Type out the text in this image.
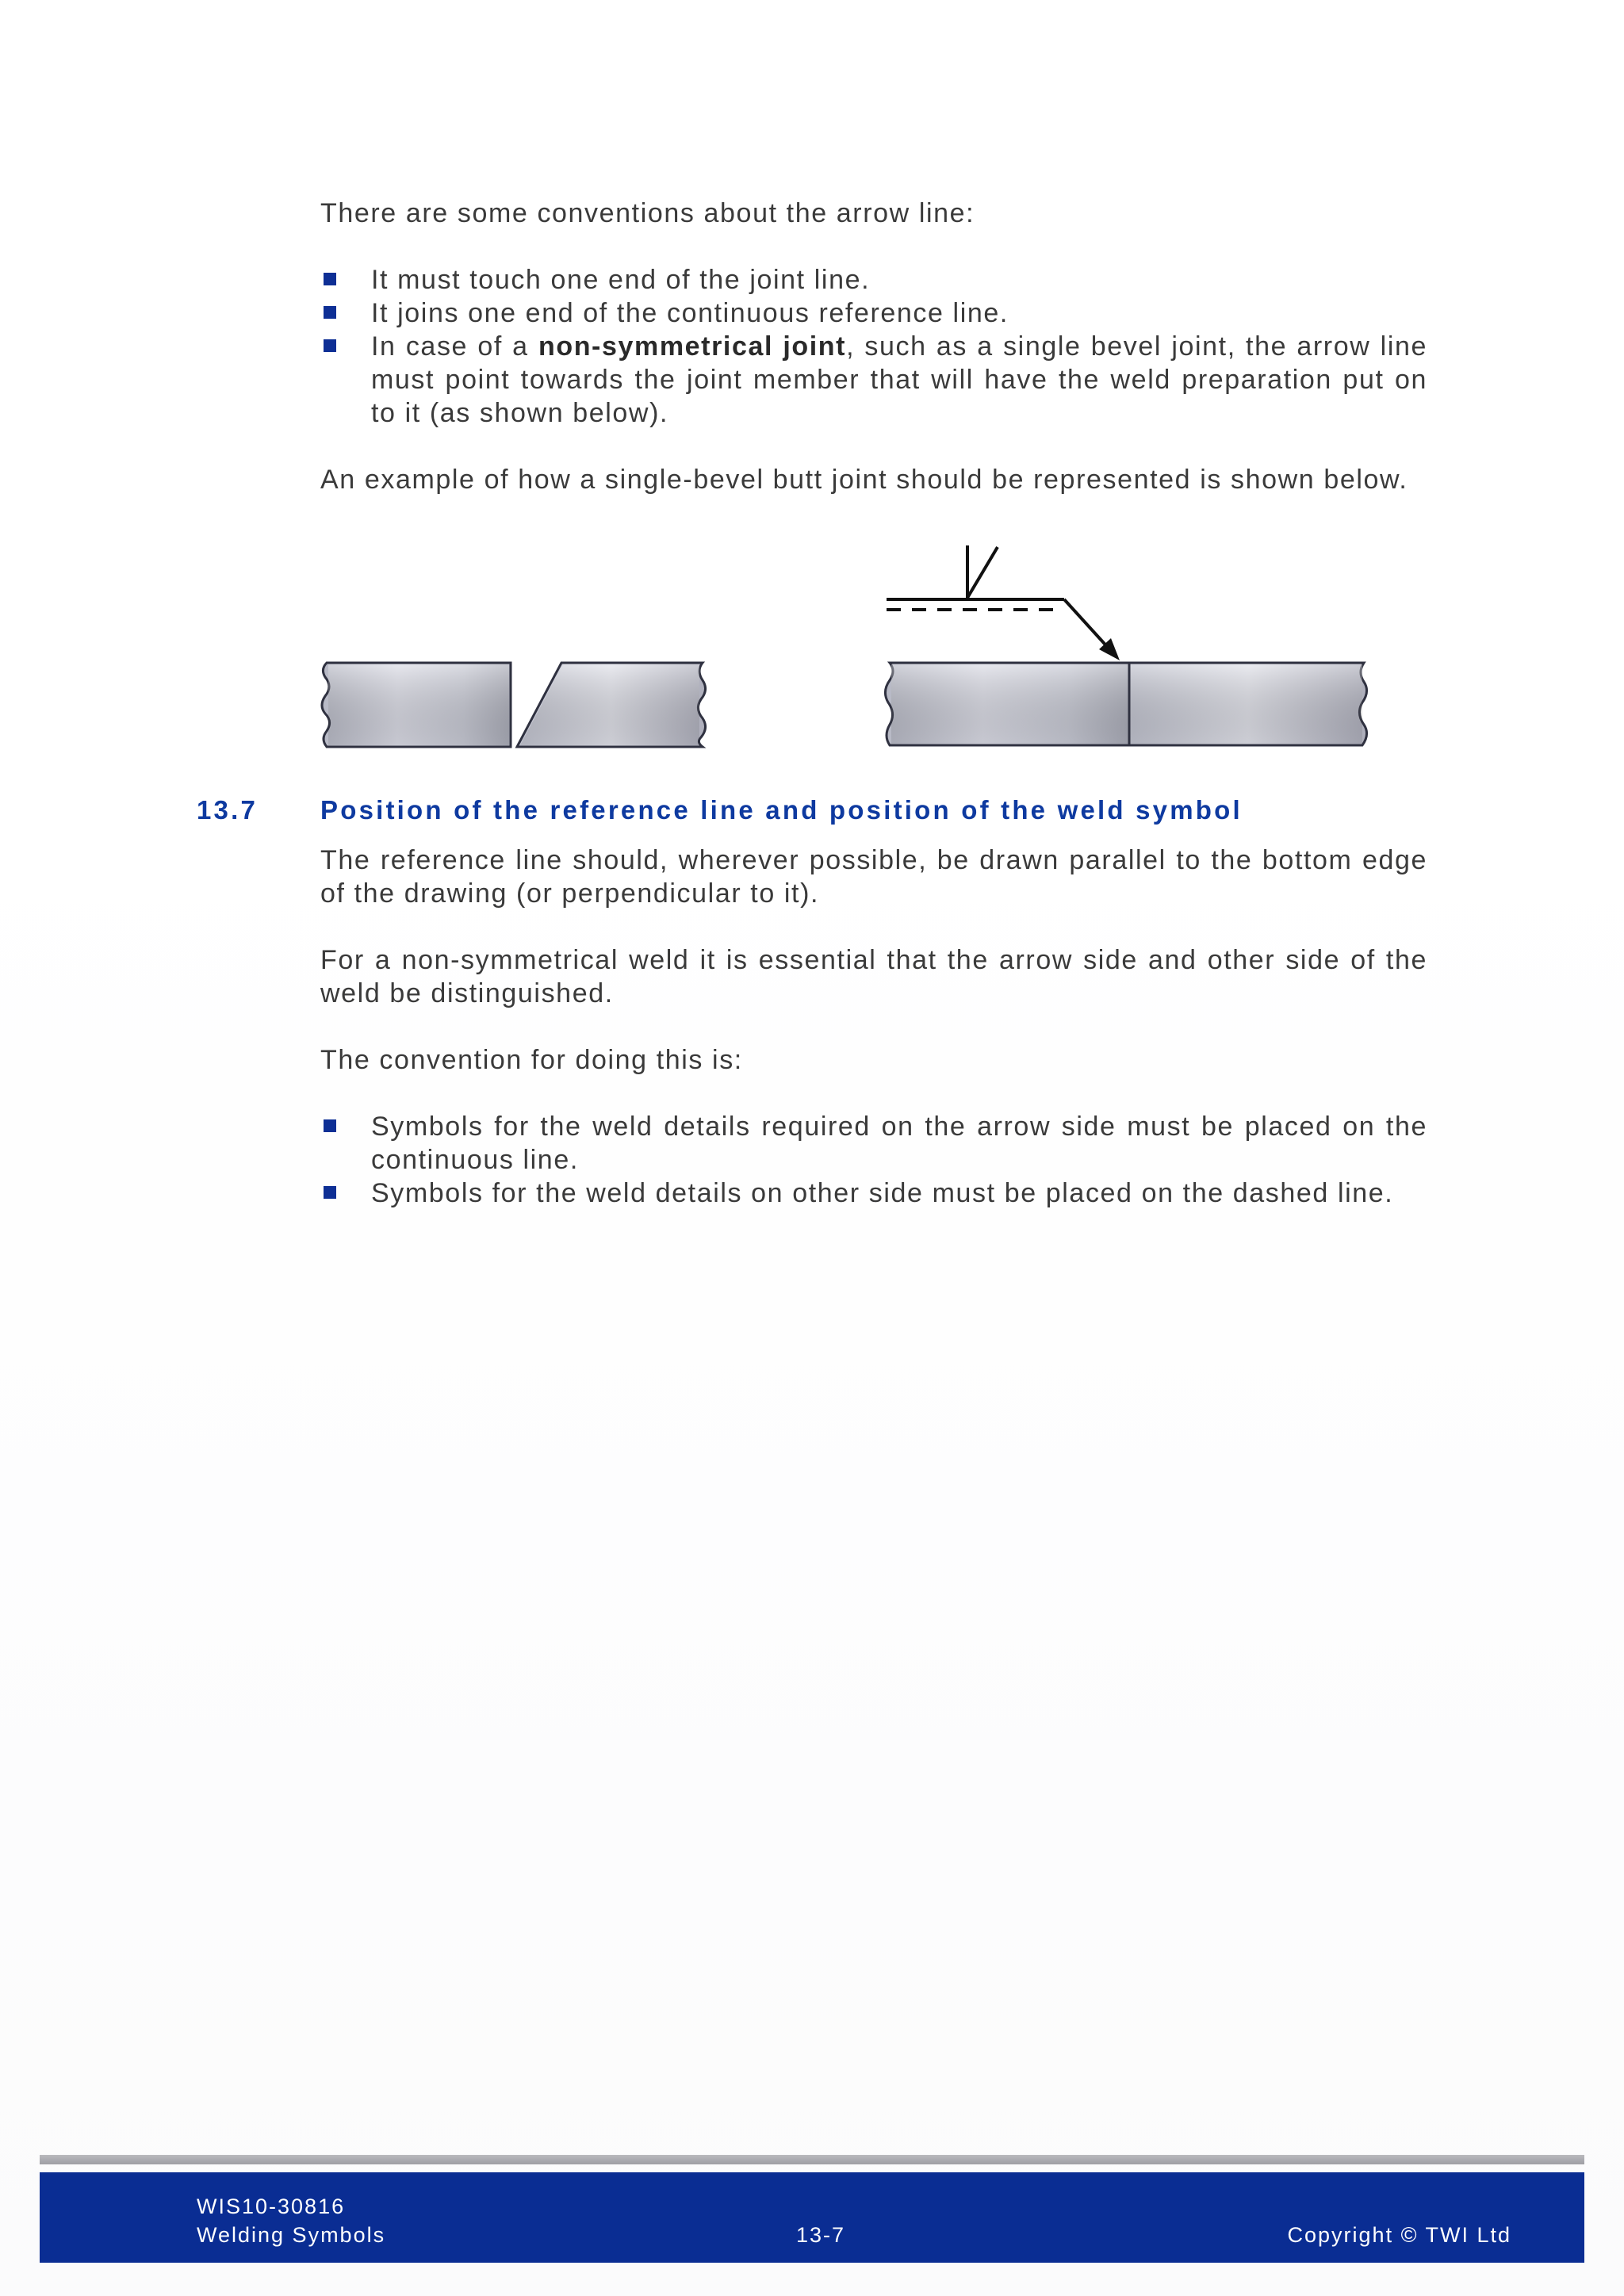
There are some conventions about the arrow line:

It must touch one end of the joint line.
It joins one end of the continuous reference line.
In case of a non-symmetrical joint, such as a single bevel joint, the arrow line must point towards the joint member that will have the weld preparation put on to it (as shown below).

An example of how a single-bevel butt joint should be represented is shown below.

13.7 Position of the reference line and position of the weld symbol

The reference line should, wherever possible, be drawn parallel to the bottom edge of the drawing (or perpendicular to it).

For a non-symmetrical weld it is essential that the arrow side and other side of the weld be distinguished.

The convention for doing this is:

Symbols for the weld details required on the arrow side must be placed on the continuous line.
Symbols for the weld details on other side must be placed on the dashed line.
WIS10-30816
Welding Symbols	13-7	Copyright © TWI Ltd
